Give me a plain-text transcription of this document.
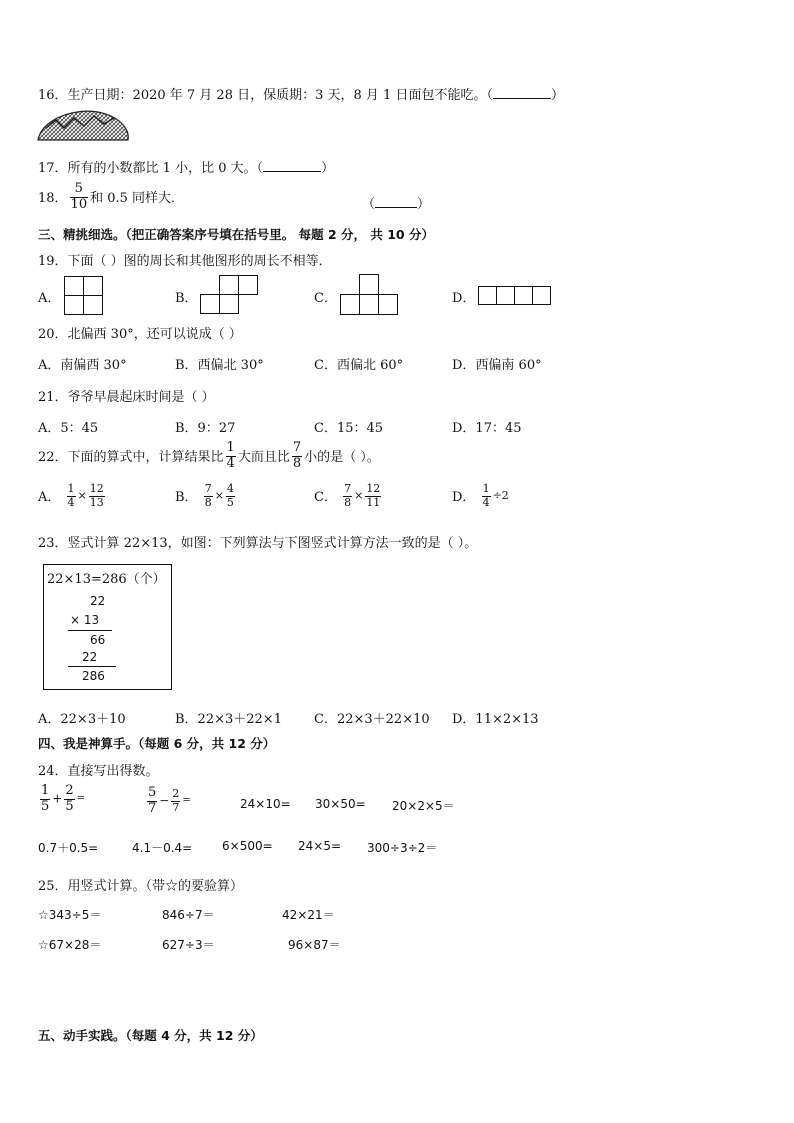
16．生产日期：2020 年 7 月 28 日，保质期：3 天，8 月 1 日面包不能吃。（	）
17．所有的小数都比 1 小，比 0 大。（	）
18． $\frac{5}{10}$ 和 0.5 同样大．	（	）
三、精挑细选。（把正确答案序号填在括号里。 每题 2 分， 共 10 分）
19．下面（ ）图的周长和其他图形的周长不相等．
A．	B．	C．	D．
20．北偏西 30°，还可以说成（ ）
A．南偏西 30°	B．西偏北 30°	C．西偏北 60°	D．西偏南 60°
21．爷爷早晨起床时间是（ ）
A．5：45	B．9：27	C．15：45	D．17：45
22．下面的算式中，计算结果比 $\frac{1}{4}$ 大而且比 $\frac{7}{8}$ 小的是（ ）。
A． $\frac{1}{4} \times \frac{12}{13}$	B． $\frac{7}{8} \times \frac{4}{5}$	C． $\frac{7}{8} \times \frac{12}{11}$	D． $\frac{1}{4} \div 2$
23．竖式计算 22×13，如图：下列算法与下图竖式计算方法一致的是（ ）。
22×13=286（个）
22
× 13
66
22
286
A．22×3＋10	B．22×3＋22×1 C．22×3＋22×10 D．11×2×13
四、我是神算手。（每题 6 分，共 12 分）
24．直接写出得数。
$\frac{1}{5} + \frac{2}{5}$ =	$\frac{5}{7} - \frac{2}{7}$ =	24×10= 30×50= 20×2×5＝
0.7＋0.5=	4.1－0.4= 6×500= 24×5= 300÷3÷2＝
25．用竖式计算。（带☆的要验算）
☆343÷5＝	846÷7＝	42×21＝
☆67×28＝	627÷3＝	96×87＝
五、动手实践。（每题 4 分，共 12 分）
